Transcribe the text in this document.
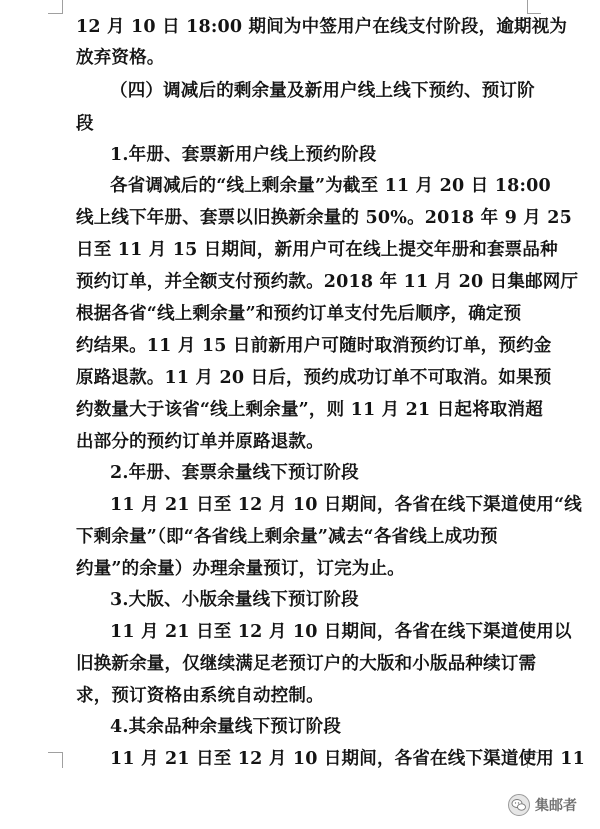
12 月 10 日 18:00 期间为中签用户在线支付阶段，逾期视为
放弃资格。
（四）调减后的剩余量及新用户线上线下预约、预订阶
段
1.年册、套票新用户线上预约阶段
各省调减后的“线上剩余量”为截至 11 月 20 日 18:00
线上线下年册、套票以旧换新余量的 50%。2018 年 9 月 25
日至 11 月 15 日期间，新用户可在线上提交年册和套票品种
预约订单，并全额支付预约款。2018 年 11 月 20 日集邮网厅
根据各省“线上剩余量”和预约订单支付先后顺序，确定预
约结果。11 月 15 日前新用户可随时取消预约订单，预约金
原路退款。11 月 20 日后，预约成功订单不可取消。如果预
约数量大于该省“线上剩余量”，则 11 月 21 日起将取消超
出部分的预约订单并原路退款。
2.年册、套票余量线下预订阶段
11 月 21 日至 12 月 10 日期间，各省在线下渠道使用“线
下剩余量”（即“各省线上剩余量”减去“各省线上成功预
约量”的余量）办理余量预订，订完为止。
3.大版、小版余量线下预订阶段
11 月 21 日至 12 月 10 日期间，各省在线下渠道使用以
旧换新余量，仅继续满足老预订户的大版和小版品种续订需
求，预订资格由系统自动控制。
4.其余品种余量线下预订阶段
11 月 21 日至 12 月 10 日期间，各省在线下渠道使用 11
集邮者
